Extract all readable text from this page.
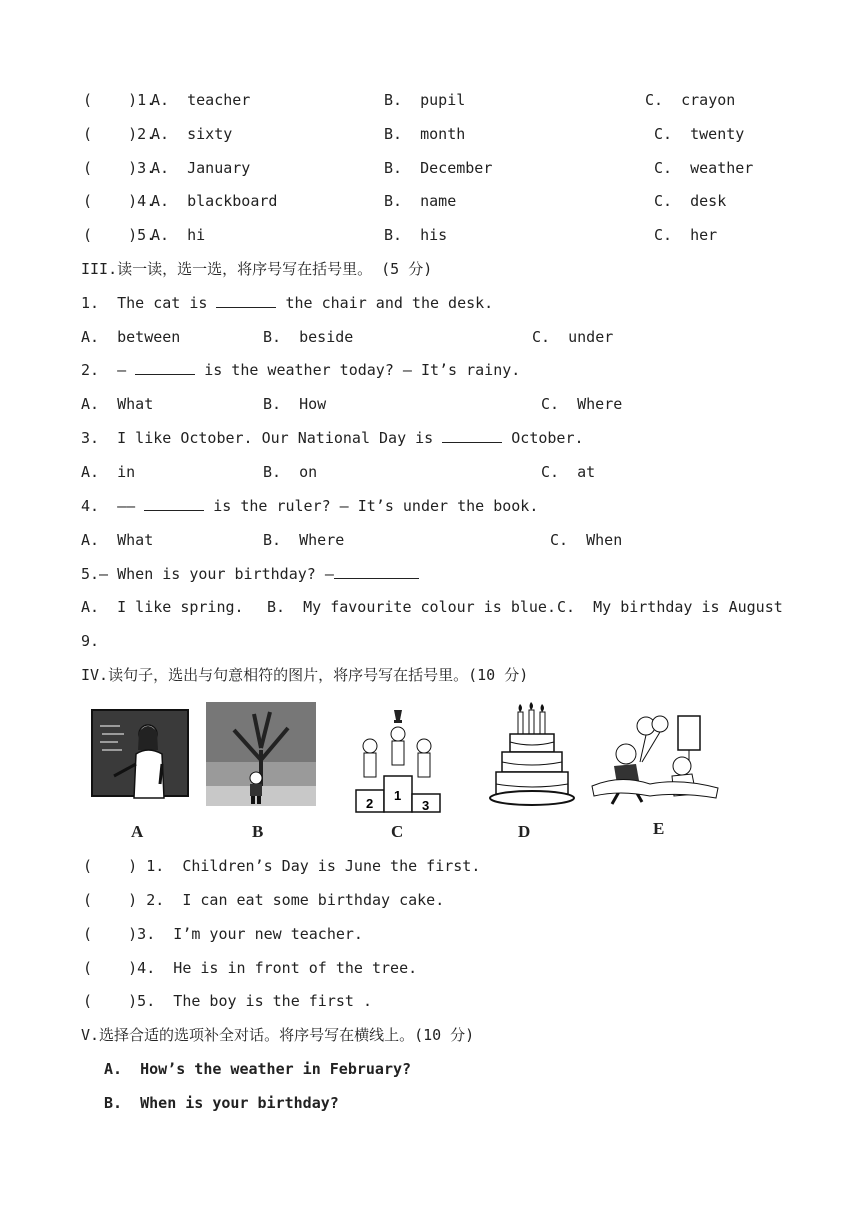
(    )1.
A.  teacher	B.  pupil	C.  crayon
(    )2.
A.  sixty	B.  month	C.  twenty
(    )3.
A.  January	B.  December	C.  weather
(    )4.
A.  blackboard	B.  name	C.  desk
(    )5.
A.  hi	B.  his	C.  her
III.读一读，选一选，将序号写在括号里。 (5 分)
1.  The cat is	the chair and the desk.
A.  between	B.  beside	C.  under
2.  —	is the weather today? — It’s rainy.
A.  What	B.  How	C.  Where
3.  I like October. Our National Day is	October.
A.  in	B.  on	C.  at
4.  ——	is the ruler? — It’s under the book.
A.  What	B.  Where	C.  When
5.— When is your birthday? —
A.  I like spring. B.  My favourite colour is blue. C.  My birthday is August
9.
IV.读句子，选出与句意相符的图片，将序号写在括号里。(10 分)
2
1
3
A	B	C	D	E
(    ) 1.  Children’s Day is June the first.
(    ) 2.  I can eat some birthday cake.
(    )3.  I’m your new teacher.
(    )4.  He is in front of the tree.
(    )5.  The boy is the first .
V.选择合适的选项补全对话。将序号写在横线上。(10 分)
A.  How’s the weather in February?
B.  When is your birthday?
